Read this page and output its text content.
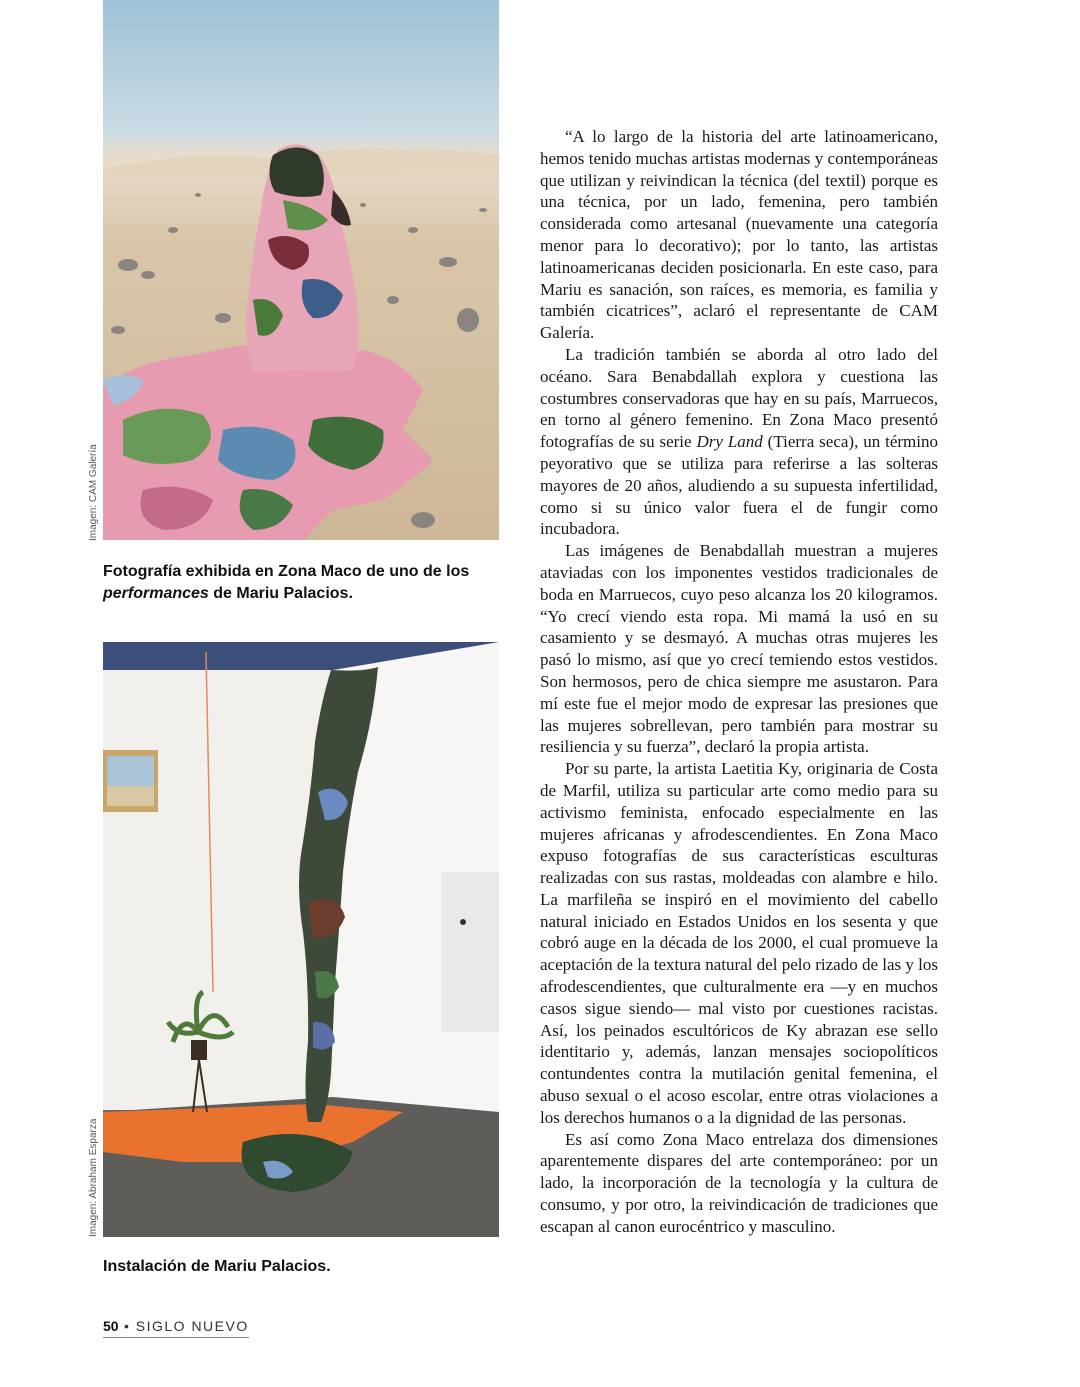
Imagen: CAM Galería
Fotografía exhibida en Zona Maco de uno de los performances de Mariu Palacios.
Imagen: Abraham Esparza
Instalación de Mariu Palacios.

“A lo largo de la historia del arte latinoamericano, hemos tenido muchas artistas modernas y contemporáneas que utilizan y reivindican la técnica (del textil) porque es una técnica, por un lado, femenina, pero también considerada como artesanal (nuevamente una categoría menor para lo decorativo); por lo tanto, las artistas latinoamericanas deciden posicionarla. En este caso, para Mariu es sanación, son raíces, es memoria, es familia y también cicatrices”, aclaró el representante de CAM Galería.

La tradición también se aborda al otro lado del océano. Sara Benabdallah explora y cuestiona las costumbres conservadoras que hay en su país, Marruecos, en torno al género femenino. En Zona Maco presentó fotografías de su serie Dry Land (Tierra seca), un término peyorativo que se utiliza para referirse a las solteras mayores de 20 años, aludiendo a su supuesta infertilidad, como si su único valor fuera el de fungir como incubadora.

Las imágenes de Benabdallah muestran a mujeres ataviadas con los imponentes vestidos tradicionales de boda en Marruecos, cuyo peso alcanza los 20 kilogramos. “Yo crecí viendo esta ropa. Mi mamá la usó en su casamiento y se desmayó. A muchas otras mujeres les pasó lo mismo, así que yo crecí temiendo estos vestidos. Son hermosos, pero de chica siempre me asustaron. Para mí este fue el mejor modo de expresar las presiones que las mujeres sobrellevan, pero también para mostrar su resiliencia y su fuerza”, declaró la propia artista.

Por su parte, la artista Laetitia Ky, originaria de Costa de Marfil, utiliza su particular arte como medio para su activismo feminista, enfocado especialmente en las mujeres africanas y afrodescendientes. En Zona Maco expuso fotografías de sus características esculturas realizadas con sus rastas, moldeadas con alambre e hilo. La marfileña se inspiró en el movimiento del cabello natural iniciado en Estados Unidos en los sesenta y que cobró auge en la década de los 2000, el cual promueve la aceptación de la textura natural del pelo rizado de las y los afrodescendientes, que culturalmente era —y en muchos casos sigue siendo— mal visto por cuestiones racistas. Así, los peinados escultóricos de Ky abrazan ese sello identitario y, además, lanzan mensajes sociopolíticos contundentes contra la mutilación genital femenina, el abuso sexual o el acoso escolar, entre otras violaciones a los derechos humanos o a la dignidad de las personas.

Es así como Zona Maco entrelaza dos dimensiones aparentemente dispares del arte contemporáneo: por un lado, la incorporación de la tecnología y la cultura de consumo, y por otro, la reivindicación de tradiciones que escapan al canon eurocéntrico y masculino.

50 • SIGLO NUEVO
